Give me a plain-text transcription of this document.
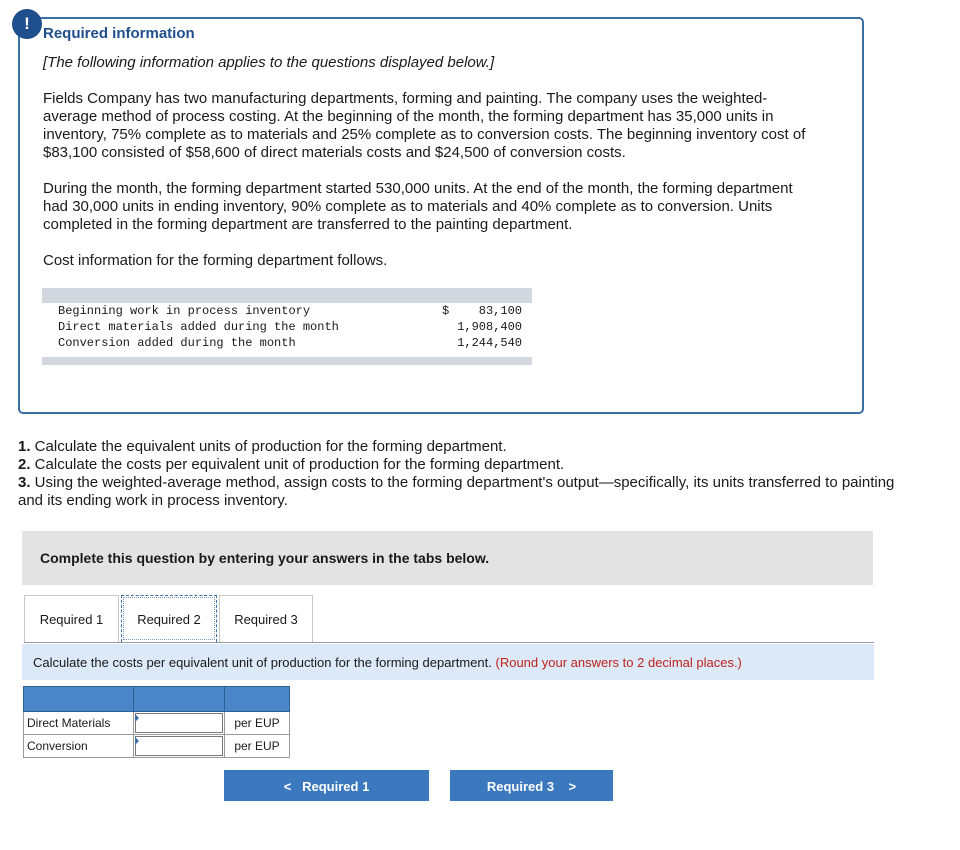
!
Required information
[The following information applies to the questions displayed below.]
Fields Company has two manufacturing departments, forming and painting. The company uses the weighted-average method of process costing. At the beginning of the month, the forming department has 35,000 units in inventory, 75% complete as to materials and 25% complete as to conversion costs. The beginning inventory cost of $83,100 consisted of $58,600 of direct materials costs and $24,500 of conversion costs.
During the month, the forming department started 530,000 units. At the end of the month, the forming department had 30,000 units in ending inventory, 90% complete as to materials and 40% complete as to conversion. Units completed in the forming department are transferred to the painting department.
Cost information for the forming department follows.
Beginning work in process inventory	$ 83,100
Direct materials added during the month	1,908,400
Conversion added during the month	1,244,540
1. Calculate the equivalent units of production for the forming department.
2. Calculate the costs per equivalent unit of production for the forming department.
3. Using the weighted-average method, assign costs to the forming department's output—specifically, its units transferred to painting and its ending work in process inventory.
Complete this question by entering your answers in the tabs below.
Required 1	Required 2	Required 3
Calculate the costs per equivalent unit of production for the forming department. (Round your answers to 2 decimal places.)

Direct Materials		per EUP
Conversion		per EUP
< Required 1	Required 3 >
